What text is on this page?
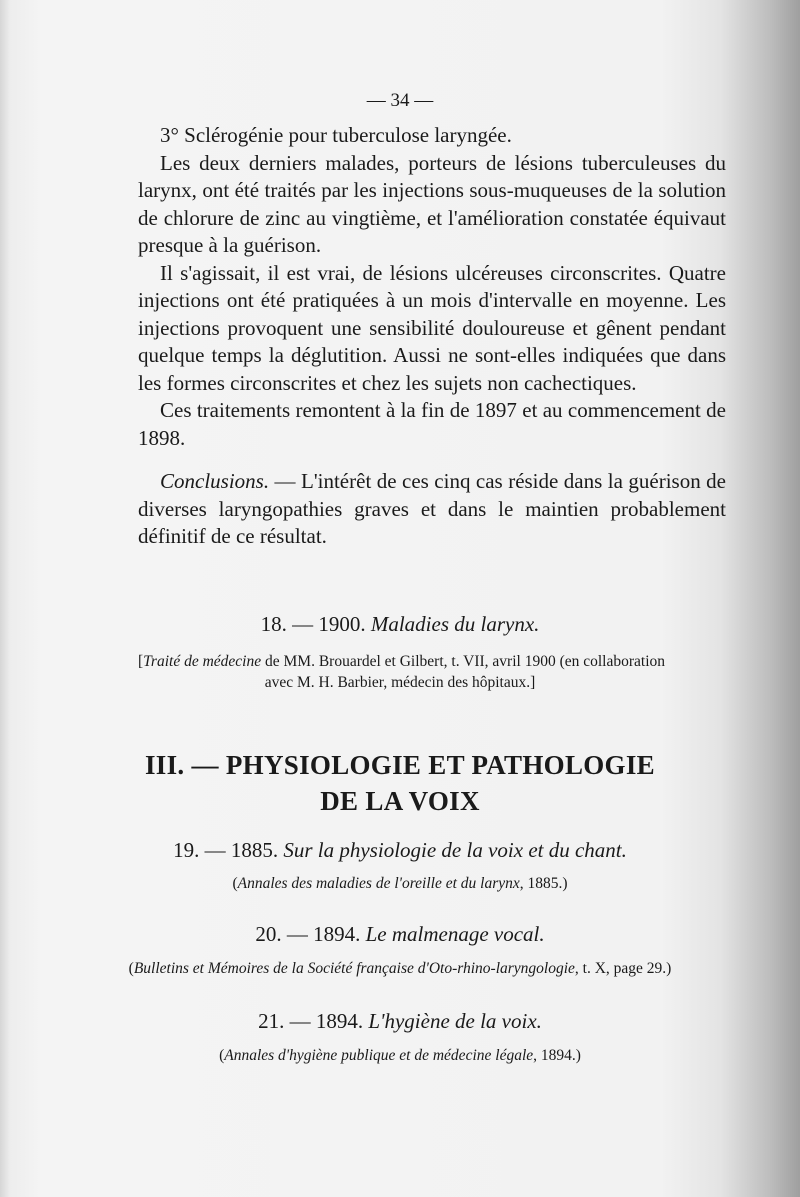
— 34 —

3° Sclérogénie pour tuberculose laryngée.

Les deux derniers malades, porteurs de lésions tuberculeuses du larynx, ont été traités par les injections sous-muqueuses de la solution de chlorure de zinc au vingtième, et l'amélioration constatée équivaut presque à la guérison.

Il s'agissait, il est vrai, de lésions ulcéreuses circonscrites. Quatre injections ont été pratiquées à un mois d'intervalle en moyenne. Les injections provoquent une sensibilité douloureuse et gênent pendant quelque temps la déglutition. Aussi ne sont-elles indiquées que dans les formes circonscrites et chez les sujets non cachectiques.

Ces traitements remontent à la fin de 1897 et au commencement de 1898.

Conclusions. — L'intérêt de ces cinq cas réside dans la guérison de diverses laryngopathies graves et dans le maintien probablement définitif de ce résultat.

18. — 1900. Maladies du larynx.
[Traité de médecine de MM. Brouardel et Gilbert, t. VII, avril 1900 (en collaboration
avec M. H. Barbier, médecin des hôpitaux.]
III. — PHYSIOLOGIE ET PATHOLOGIE
DE LA VOIX
19. — 1885. Sur la physiologie de la voix et du chant.
(Annales des maladies de l'oreille et du larynx, 1885.)
20. — 1894. Le malmenage vocal.
(Bulletins et Mémoires de la Société française d'Oto-rhino-laryngologie, t. X, page 29.)
21. — 1894. L'hygiène de la voix.
(Annales d'hygiène publique et de médecine légale, 1894.)
